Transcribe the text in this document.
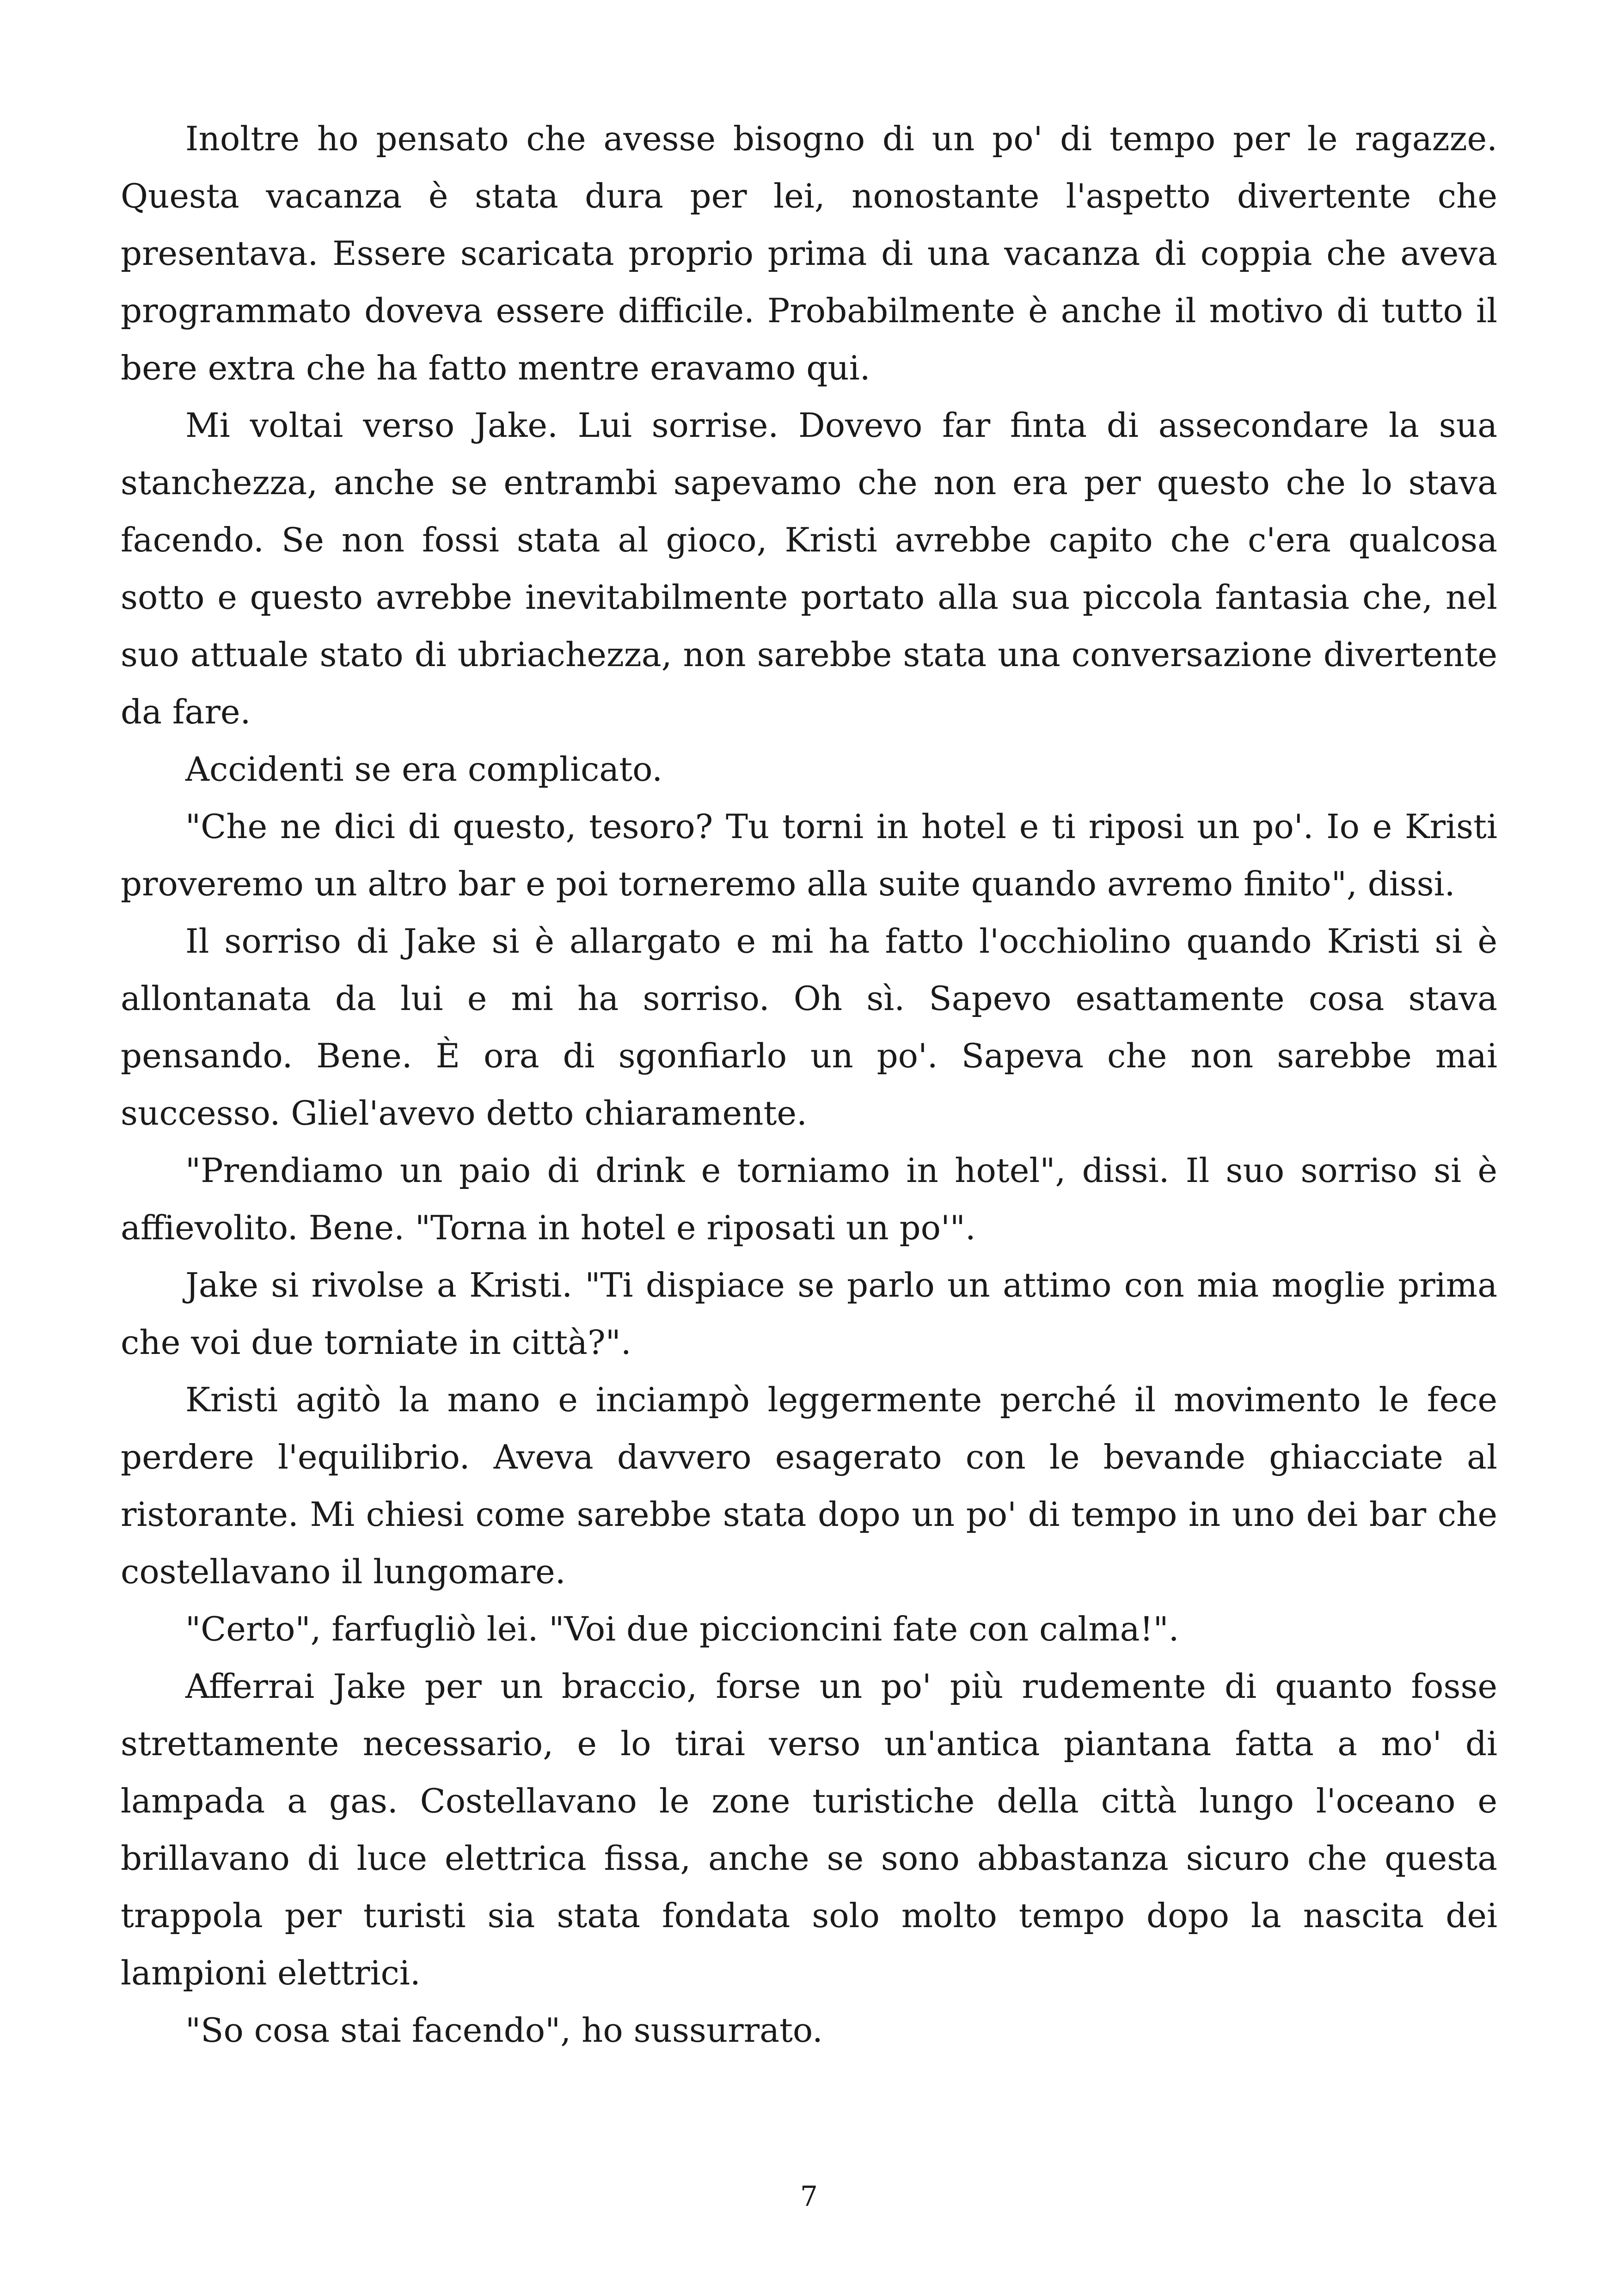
Inoltre ho pensato che avesse bisogno di un po' di tempo per le ragazze. Questa vacanza è stata dura per lei, nonostante l'aspetto divertente che presentava. Essere scaricata proprio prima di una vacanza di coppia che aveva programmato doveva essere difficile. Probabilmente è anche il motivo di tutto il bere extra che ha fatto mentre eravamo qui.

Mi voltai verso Jake. Lui sorrise. Dovevo far finta di assecondare la sua stanchezza, anche se entrambi sapevamo che non era per questo che lo stava facendo. Se non fossi stata al gioco, Kristi avrebbe capito che c'era qualcosa sotto e questo avrebbe inevitabilmente portato alla sua piccola fantasia che, nel suo attuale stato di ubriachezza, non sarebbe stata una conversazione divertente da fare.

Accidenti se era complicato.

"Che ne dici di questo, tesoro? Tu torni in hotel e ti riposi un po'. Io e Kristi proveremo un altro bar e poi torneremo alla suite quando avremo finito", dissi.

Il sorriso di Jake si è allargato e mi ha fatto l'occhiolino quando Kristi si è allontanata da lui e mi ha sorriso. Oh sì. Sapevo esattamente cosa stava pensando. Bene. È ora di sgonfiarlo un po'. Sapeva che non sarebbe mai successo. Gliel'avevo detto chiaramente.

"Prendiamo un paio di drink e torniamo in hotel", dissi. Il suo sorriso si è affievolito. Bene. "Torna in hotel e riposati un po'".

Jake si rivolse a Kristi. "Ti dispiace se parlo un attimo con mia moglie prima che voi due torniate in città?".

Kristi agitò la mano e inciampò leggermente perché il movimento le fece perdere l'equilibrio. Aveva davvero esagerato con le bevande ghiacciate al ristorante. Mi chiesi come sarebbe stata dopo un po' di tempo in uno dei bar che costellavano il lungomare.

"Certo", farfugliò lei. "Voi due piccioncini fate con calma!".

Afferrai Jake per un braccio, forse un po' più rudemente di quanto fosse strettamente necessario, e lo tirai verso un'antica piantana fatta a mo' di lampada a gas. Costellavano le zone turistiche della città lungo l'oceano e brillavano di luce elettrica fissa, anche se sono abbastanza sicuro che questa trappola per turisti sia stata fondata solo molto tempo dopo la nascita dei lampioni elettrici.

"So cosa stai facendo", ho sussurrato.

7
